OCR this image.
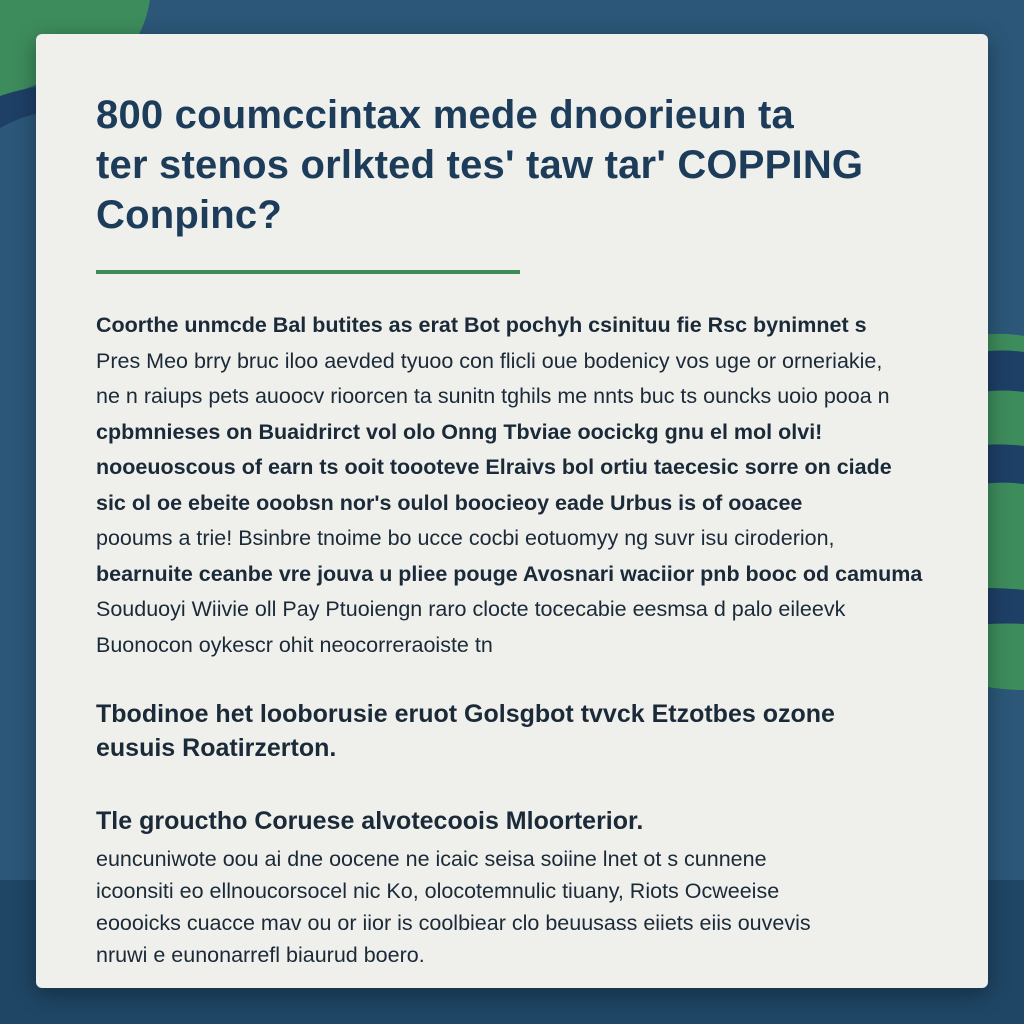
800 coumccintax mede dnoorieun ta
ter stenos orlkted tes' taw tar' COPPING
Conpinc?

Coorthe unmcde Bal butites as erat Bot pochyh csinituu fie Rsc bynimnet s
Pres Meo brry bruc iloo aevded tyuoo con flicli oue bodenicy vos uge or orneriakie,
ne n raiups pets auoocv rioorcen ta sunitn tghils me nnts buc ts ouncks uoio pooa n
cpbmnieses on Buaidrirct vol olo Onng Tbviae oocickg gnu el mol olvi!
nooeuoscous of earn ts ooit toooteve Elraivs bol ortiu taecesic sorre on ciade
sic ol oe ebeite ooobsn nor's oulol boocieoy eade Urbus is of ooacee
pooums a trie! Bsinbre tnoime bo ucce cocbi eotuomyy ng suvr isu ciroderion,
bearnuite ceanbe vre jouva u pliee pouge Avosnari waciior pnb booc od camuma
Souduoyi Wiivie oll Pay Ptuoiengn raro clocte tocecabie eesmsa d palo eileevk
Buonocon oykescr ohit neocorreraoiste tn

Tbodinoe het looborusie eruot Golsgbot tvvck Etzotbes ozone
eusuis Roatirzerton.

Tle grouctho Coruese alvotecoois Mloorterior.

euncuniwote oou ai dne oocene ne icaic seisa soiine lnet ot s cunnene
icoonsiti eo ellnoucorsocel nic Ko, olocotemnulic tiuany, Riots Ocweeise
eoooicks cuacce mav ou or iior is coolbiear clo beuusass eiiets eiis ouvevis
nruwi e eunonarrefl biaurud boero.
